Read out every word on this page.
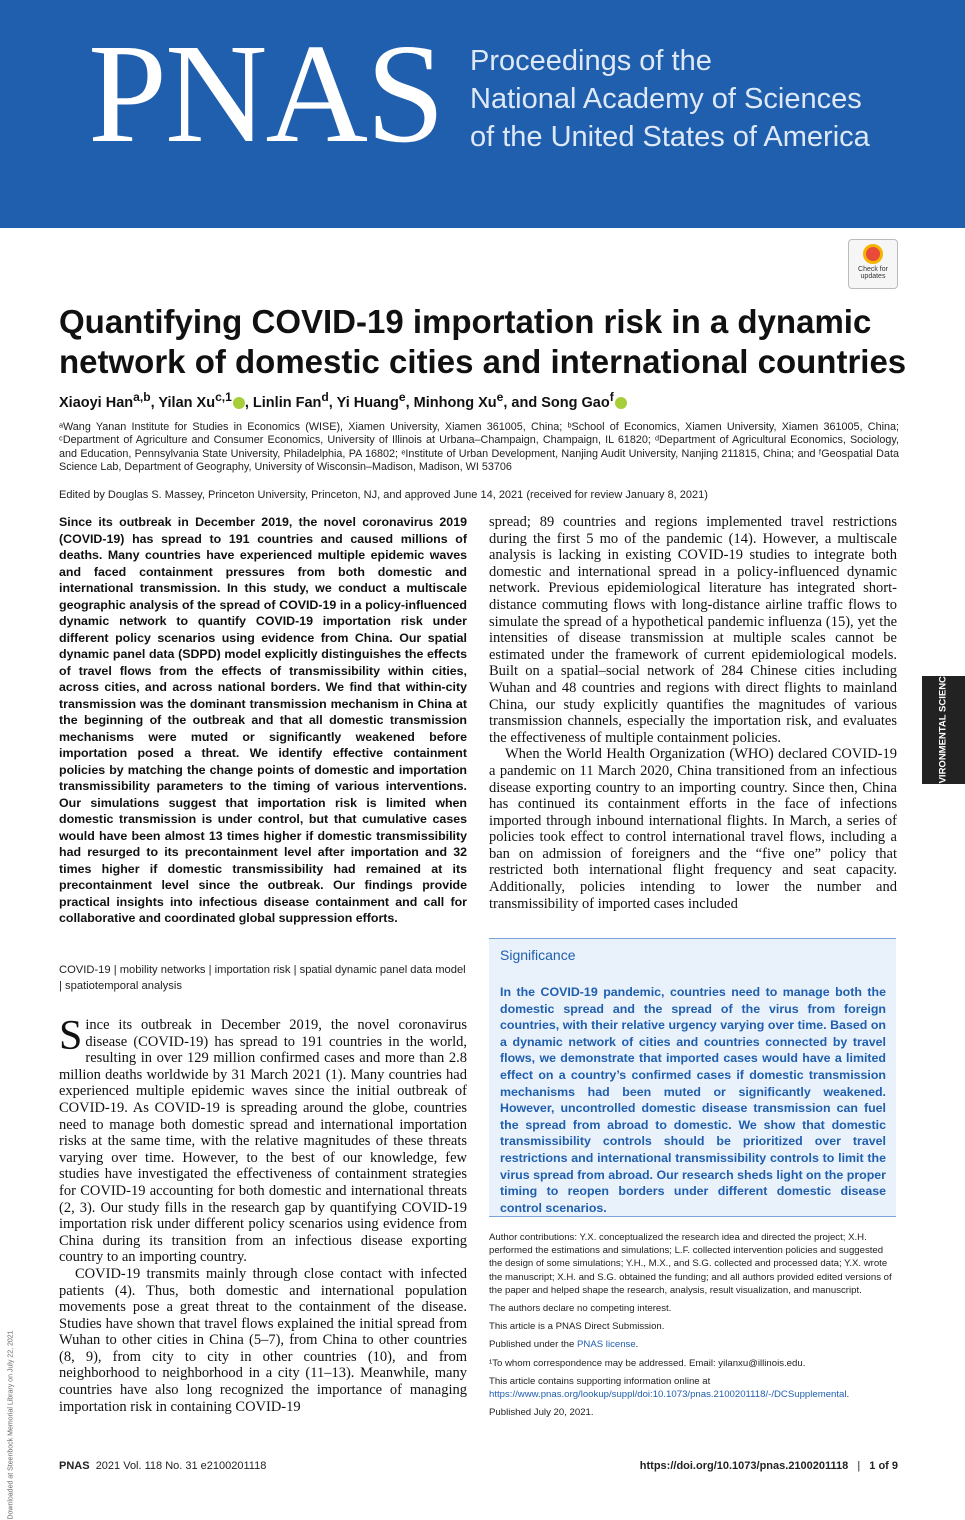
PNAS Proceedings of the
National Academy of Sciences
of the United States of America
Check for updates
Quantifying COVID-19 importation risk in a dynamic network of domestic cities and international countries
Xiaoyi Han$^{a,b}$, Yilan Xu$^{c,1}$ , Linlin Fan$^d$, Yi Huang$^e$, Minhong Xu$^e$, and Song Gao$^f$
ᵃWang Yanan Institute for Studies in Economics (WISE), Xiamen University, Xiamen 361005, China; ᵇSchool of Economics, Xiamen University, Xiamen 361005, China; ᶜDepartment of Agriculture and Consumer Economics, University of Illinois at Urbana–Champaign, Champaign, IL 61820; ᵈDepartment of Agricultural Economics, Sociology, and Education, Pennsylvania State University, Philadelphia, PA 16802; ᵉInstitute of Urban Development, Nanjing Audit University, Nanjing 211815, China; and ᶠGeospatial Data Science Lab, Department of Geography, University of Wisconsin–Madison, Madison, WI 53706
Edited by Douglas S. Massey, Princeton University, Princeton, NJ, and approved June 14, 2021 (received for review January 8, 2021)
Since its outbreak in December 2019, the novel coronavirus 2019 (COVID-19) has spread to 191 countries and caused millions of deaths. Many countries have experienced multiple epidemic waves and faced containment pressures from both domestic and international transmission. In this study, we conduct a multiscale geographic analysis of the spread of COVID-19 in a policy-influenced dynamic network to quantify COVID-19 importation risk under different policy scenarios using evidence from China. Our spatial dynamic panel data (SDPD) model explicitly distinguishes the effects of travel flows from the effects of transmissibility within cities, across cities, and across national borders. We find that within-city transmission was the dominant transmission mechanism in China at the beginning of the outbreak and that all domestic transmission mechanisms were muted or significantly weakened before importation posed a threat. We identify effective containment policies by matching the change points of domestic and importation transmissibility parameters to the timing of various interventions. Our simulations suggest that importation risk is limited when domestic transmission is under control, but that cumulative cases would have been almost 13 times higher if domestic transmissibility had resurged to its precontainment level after importation and 32 times higher if domestic transmissibility had remained at its precontainment level since the outbreak. Our findings provide practical insights into infectious disease containment and call for collaborative and coordinated global suppression efforts.
COVID-19 | mobility networks | importation risk | spatial dynamic panel data model | spatiotemporal analysis

Since its outbreak in December 2019, the novel coronavirus disease (COVID-19) has spread to 191 countries in the world, resulting in over 129 million confirmed cases and more than 2.8 million deaths worldwide by 31 March 2021 (1). Many countries had experienced multiple epidemic waves since the initial outbreak of COVID-19. As COVID-19 is spreading around the globe, countries need to manage both domestic spread and international importation risks at the same time, with the relative magnitudes of these threats varying over time. However, to the best of our knowledge, few studies have investigated the effectiveness of containment strategies for COVID-19 accounting for both domestic and international threats (2, 3). Our study fills in the research gap by quantifying COVID-19 importation risk under different policy scenarios using evidence from China during its transition from an infectious disease exporting country to an importing country.

COVID-19 transmits mainly through close contact with infected patients (4). Thus, both domestic and international population movements pose a great threat to the containment of the disease. Studies have shown that travel flows explained the initial spread from Wuhan to other cities in China (5–7), from China to other countries (8, 9), from city to city in other countries (10), and from neighborhood to neighborhood in a city (11–13). Meanwhile, many countries have also long recognized the importance of managing importation risk in containing COVID-19

spread; 89 countries and regions implemented travel restrictions during the first 5 mo of the pandemic (14). However, a multiscale analysis is lacking in existing COVID-19 studies to integrate both domestic and international spread in a policy-influenced dynamic network. Previous epidemiological literature has integrated short-distance commuting flows with long-distance airline traffic flows to simulate the spread of a hypothetical pandemic influenza (15), yet the intensities of disease transmission at multiple scales cannot be estimated under the framework of current epidemiological models. Built on a spatial–social network of 284 Chinese cities including Wuhan and 48 countries and regions with direct flights to mainland China, our study explicitly quantifies the magnitudes of various transmission channels, especially the importation risk, and evaluates the effectiveness of multiple containment policies.

When the World Health Organization (WHO) declared COVID-19 a pandemic on 11 March 2020, China transitioned from an infectious disease exporting country to an importing country. Since then, China has continued its containment efforts in the face of infections imported through inbound international flights. In March, a series of policies took effect to control international travel flows, including a ban on admission of foreigners and the “five one” policy that restricted both international flight frequency and seat capacity. Additionally, policies intending to lower the number and transmissibility of imported cases included

Significance
In the COVID-19 pandemic, countries need to manage both the domestic spread and the spread of the virus from foreign countries, with their relative urgency varying over time. Based on a dynamic network of cities and countries connected by travel flows, we demonstrate that imported cases would have a limited effect on a country’s confirmed cases if domestic transmission mechanisms had been muted or significantly weakened. However, uncontrolled domestic disease transmission can fuel the spread from abroad to domestic. We show that domestic transmissibility controls should be prioritized over travel restrictions and international transmissibility controls to limit the virus spread from abroad. Our research sheds light on the proper timing to reopen borders under different domestic disease control scenarios.

Author contributions: Y.X. conceptualized the research idea and directed the project; X.H. performed the estimations and simulations; L.F. collected intervention policies and suggested the design of some simulations; Y.H., M.X., and S.G. collected and processed data; Y.X. wrote the manuscript; X.H. and S.G. obtained the funding; and all authors provided edited versions of the paper and helped shape the research, analysis, result visualization, and manuscript.

The authors declare no competing interest.

This article is a PNAS Direct Submission.

Published under the PNAS license.

¹To whom correspondence may be addressed. Email: yilanxu@illinois.edu.

This article contains supporting information online at https://www.pnas.org/lookup/suppl/doi:10.1073/pnas.2100201118/-/DCSupplemental.

Published July 20, 2021.

ENVIRONMENTAL SCIENCES
PNAS 2021 Vol. 118 No. 31 e2100201118	https://doi.org/10.1073/pnas.2100201118 | 1 of 9
Downloaded at Steenbock Memorial Library on July 22, 2021
